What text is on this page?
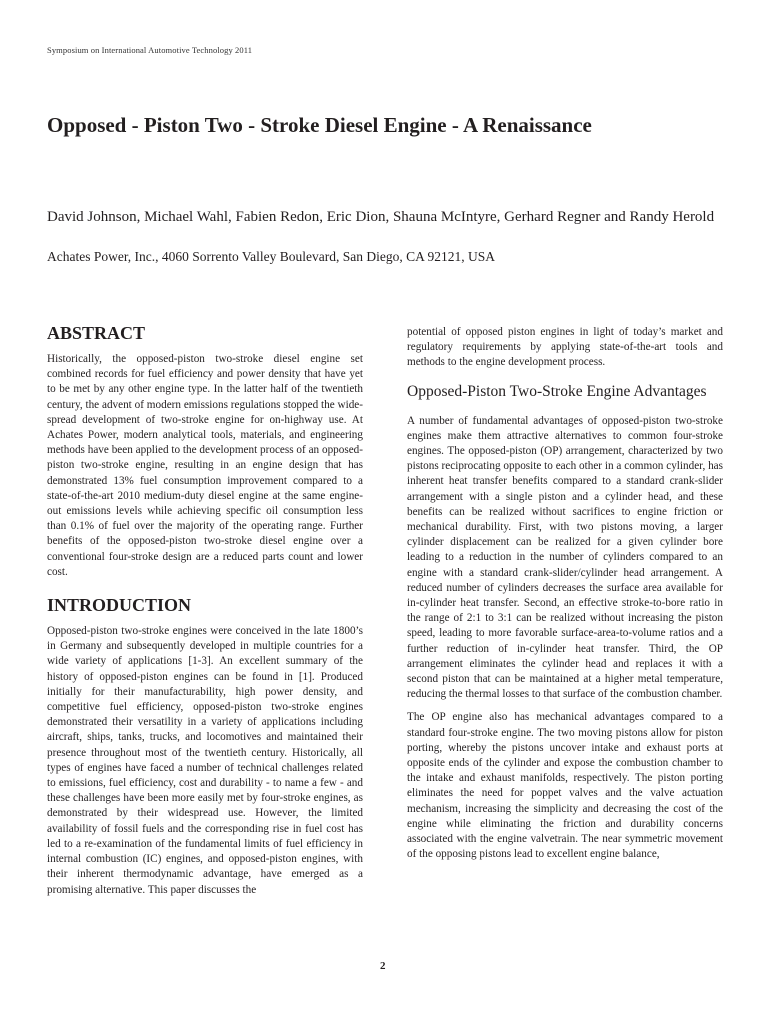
Symposium on International Automotive Technology 2011
Opposed - Piston Two - Stroke Diesel Engine - A Renaissance

David Johnson, Michael Wahl, Fabien Redon, Eric Dion, Shauna McIntyre, Gerhard Regner and Randy Herold

Achates Power, Inc., 4060 Sorrento Valley Boulevard, San Diego, CA 92121, USA

ABSTRACT

Historically, the opposed-piston two-stroke diesel engine set combined records for fuel efficiency and power density that have yet to be met by any other engine type. In the latter half of the twentieth century, the advent of modern emissions regulations stopped the wide-spread development of two-stroke engine for on-highway use. At Achates Power, modern analytical tools, materials, and engineering methods have been applied to the development process of an opposed-piston two-stroke engine, resulting in an engine design that has demonstrated 13% fuel consumption improvement compared to a state-of-the-art 2010 medium-duty diesel engine at the same engine-out emissions levels while achieving specific oil consumption less than 0.1% of fuel over the majority of the operating range. Further benefits of the opposed-piston two-stroke diesel engine over a conventional four-stroke design are a reduced parts count and lower cost.

INTRODUCTION

Opposed-piston two-stroke engines were conceived in the late 1800’s in Germany and subsequently developed in multiple countries for a wide variety of applications [1-3]. An excellent summary of the history of opposed-piston engines can be found in [1]. Produced initially for their manufacturability, high power density, and competitive fuel efficiency, opposed-piston two-stroke engines demonstrated their versatility in a variety of applications including aircraft, ships, tanks, trucks, and locomotives and maintained their presence throughout most of the twentieth century. Historically, all types of engines have faced a number of technical challenges related to emissions, fuel efficiency, cost and durability - to name a few - and these challenges have been more easily met by four-stroke engines, as demonstrated by their widespread use. However, the limited availability of fossil fuels and the corresponding rise in fuel cost has led to a re-examination of the fundamental limits of fuel efficiency in internal combustion (IC) engines, and opposed-piston engines, with their inherent thermodynamic advantage, have emerged as a promising alternative. This paper discusses the

potential of opposed piston engines in light of today’s market and regulatory requirements by applying state-of-the-art tools and methods to the engine development process.

Opposed-Piston Two-Stroke Engine Advantages

A number of fundamental advantages of opposed-piston two-stroke engines make them attractive alternatives to common four-stroke engines. The opposed-piston (OP) arrangement, characterized by two pistons reciprocating opposite to each other in a common cylinder, has inherent heat transfer benefits compared to a standard crank-slider arrangement with a single piston and a cylinder head, and these benefits can be realized without sacrifices to engine friction or mechanical durability. First, with two pistons moving, a larger cylinder displacement can be realized for a given cylinder bore leading to a reduction in the number of cylinders compared to an engine with a standard crank-slider/cylinder head arrangement. A reduced number of cylinders decreases the surface area available for in-cylinder heat transfer. Second, an effective stroke-to-bore ratio in the range of 2:1 to 3:1 can be realized without increasing the piston speed, leading to more favorable surface-area-to-volume ratios and a further reduction of in-cylinder heat transfer. Third, the OP arrangement eliminates the cylinder head and replaces it with a second piston that can be maintained at a higher metal temperature, reducing the thermal losses to that surface of the combustion chamber.

The OP engine also has mechanical advantages compared to a standard four-stroke engine. The two moving pistons allow for piston porting, whereby the pistons uncover intake and exhaust ports at opposite ends of the cylinder and expose the combustion chamber to the intake and exhaust manifolds, respectively. The piston porting eliminates the need for poppet valves and the valve actuation mechanism, increasing the simplicity and decreasing the cost of the engine while eliminating the friction and durability concerns associated with the engine valvetrain. The near symmetric movement of the opposing pistons lead to excellent engine balance,

2
